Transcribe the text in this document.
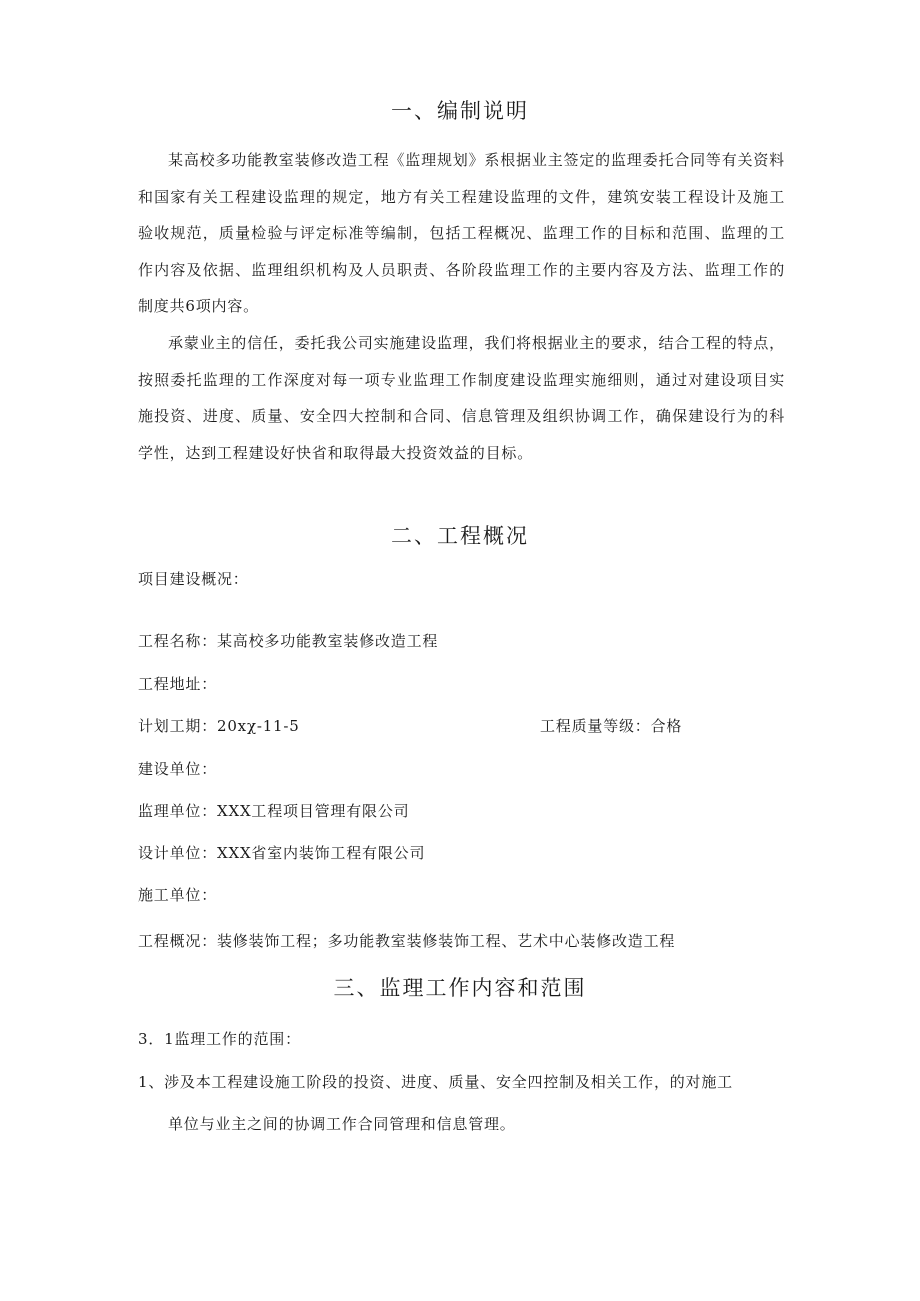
一、编制说明

某高校多功能教室装修改造工程《监理规划》系根据业主签定的监理委托合同等有关资料和国家有关工程建设监理的规定，地方有关工程建设监理的文件，建筑安装工程设计及施工验收规范，质量检验与评定标准等编制，包括工程概况、监理工作的目标和范围、监理的工作内容及依据、监理组织机构及人员职责、各阶段监理工作的主要内容及方法、监理工作的制度共6项内容。

承蒙业主的信任，委托我公司实施建设监理，我们将根据业主的要求，结合工程的特点，按照委托监理的工作深度对每一项专业监理工作制度建设监理实施细则，通过对建设项目实施投资、进度、质量、安全四大控制和合同、信息管理及组织协调工作，确保建设行为的科学性，达到工程建设好快省和取得最大投资效益的目标。

二、工程概况

项目建设概况：

工程名称：某高校多功能教室装修改造工程

工程地址：

计划工期：20xχ-11-5	工程质量等级：合格

建设单位：

监理单位：XXX工程项目管理有限公司

设计单位：XXX省室内装饰工程有限公司

施工单位：

工程概况：装修装饰工程；多功能教室装修装饰工程、艺术中心装修改造工程

三、监理工作内容和范围

3．1监理工作的范围：

1、涉及本工程建设施工阶段的投资、进度、质量、安全四控制及相关工作，的对施工
单位与业主之间的协调工作合同管理和信息管理。
